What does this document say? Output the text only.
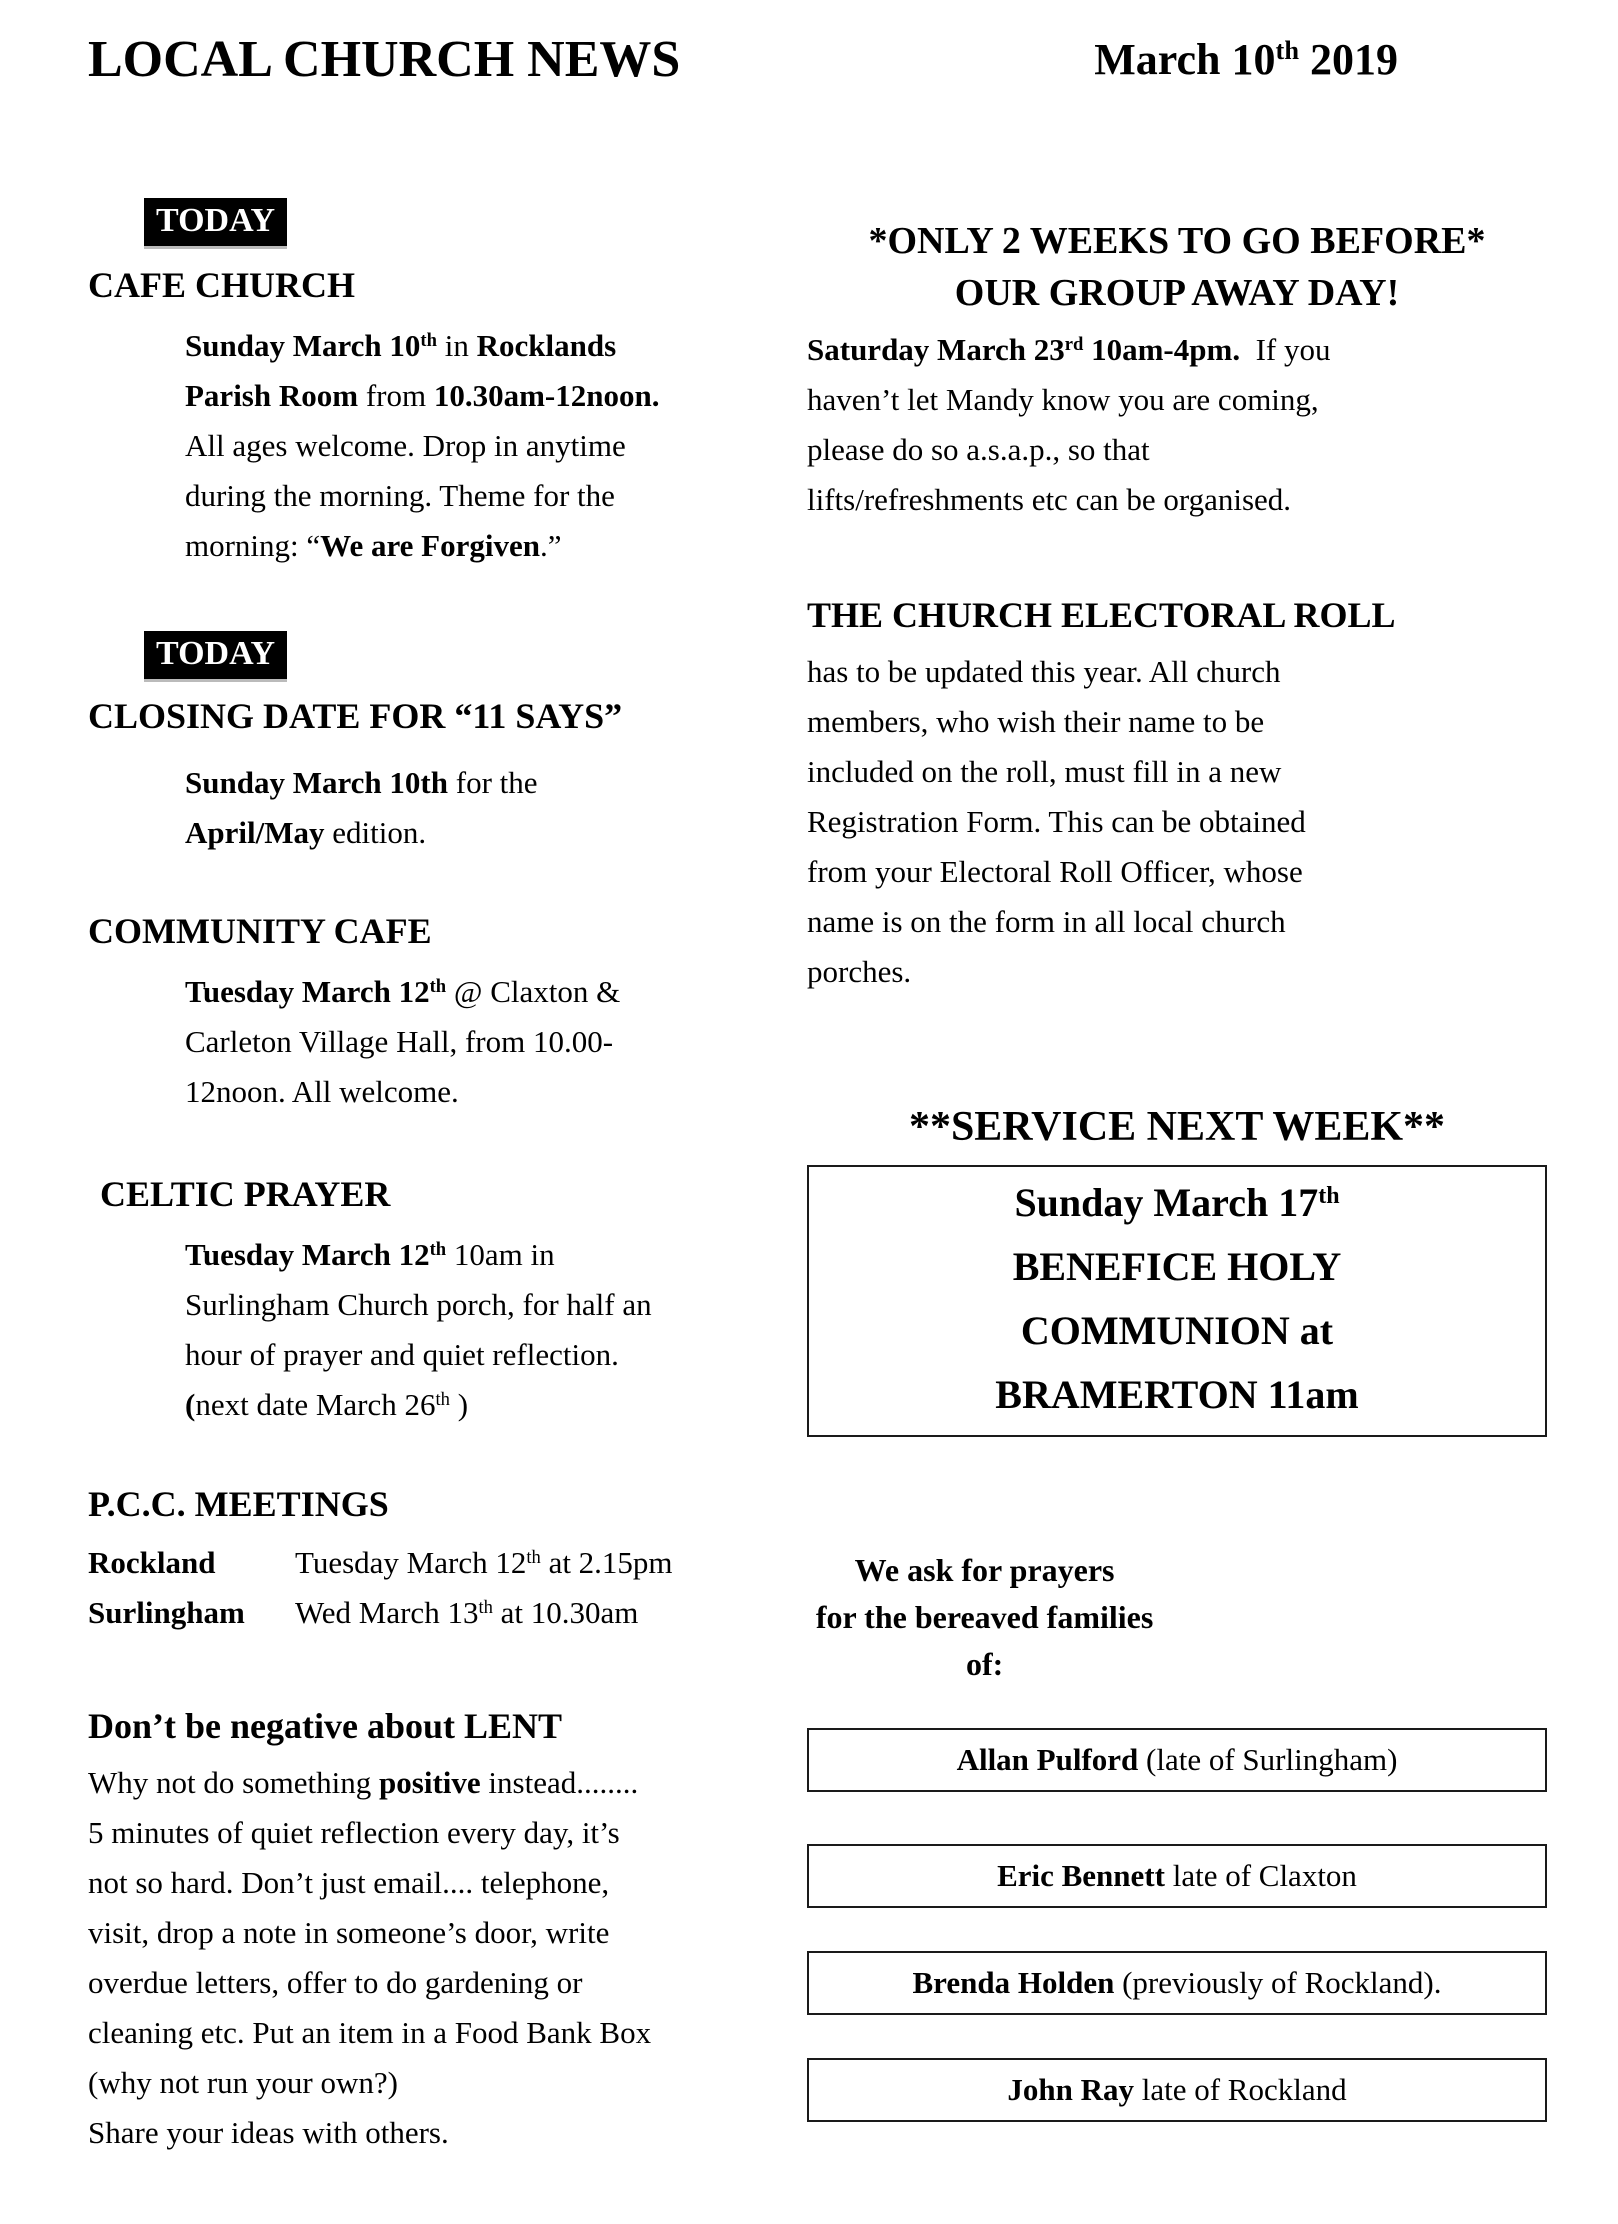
LOCAL CHURCH NEWS	March 10th 2019
TODAY
CAFE CHURCH

Sunday March 10th in Rocklands
Parish Room from 10.30am-12noon.
All ages welcome. Drop in anytime
during the morning. Theme for the
morning: “We are Forgiven.”

TODAY
CLOSING DATE FOR “11 SAYS”

Sunday March 10th for the
April/May edition.

COMMUNITY CAFE

Tuesday March 12th @ Claxton &
Carleton Village Hall, from 10.00-
12noon. All welcome.

CELTIC PRAYER

Tuesday March 12th 10am in
Surlingham Church porch, for half an
hour of prayer and quiet reflection.
(next date March 26th )

P.C.C. MEETINGS
Rockland	Tuesday March 12th at 2.15pm
Surlingham	Wed March 13th at 10.30am
Don’t be negative about LENT

Why not do something positive instead........
5 minutes of quiet reflection every day, it’s
not so hard. Don’t just email.... telephone,
visit, drop a note in someone’s door, write
overdue letters, offer to do gardening or
cleaning etc. Put an item in a Food Bank Box
(why not run your own?)
Share your ideas with others.

*ONLY 2 WEEKS TO GO BEFORE*
OUR GROUP AWAY DAY!

Saturday March 23rd 10am-4pm.  If you
haven’t let Mandy know you are coming,
please do so a.s.a.p., so that
lifts/refreshments etc can be organised.

THE CHURCH ELECTORAL ROLL

has to be updated this year. All church
members, who wish their name to be
included on the roll, must fill in a new
Registration Form. This can be obtained
from your Electoral Roll Officer, whose
name is on the form in all local church
porches.

**SERVICE NEXT WEEK**
Sunday March 17th
BENEFICE HOLY
COMMUNION at
BRAMERTON 11am
We ask for prayers
for the bereaved families of:
Allan Pulford (late of Surlingham)
Eric Bennett late of Claxton
Brenda Holden (previously of Rockland).
John Ray late of Rockland
